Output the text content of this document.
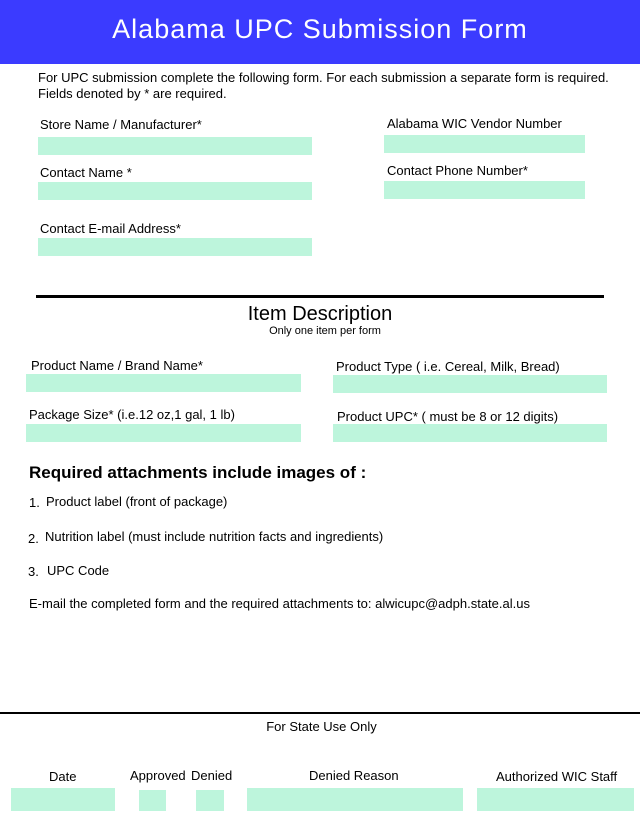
Alabama UPC Submission Form
For UPC submission complete the following form. For each submission a separate form is required.
Fields denoted by * are required.
Store Name / Manufacturer*	Alabama WIC Vendor Number
Contact Name *	Contact Phone Number*
Contact E-mail Address*
Item Description
Only one item per form
Product Name / Brand Name*	Product Type ( i.e. Cereal, Milk, Bread)
Package Size* (i.e.12 oz,1 gal, 1 lb)	Product UPC* ( must be 8 or 12 digits)
Required attachments include images of :
1. Product label (front of package)
2. Nutrition label (must include nutrition facts and ingredients)
3. UPC Code
E-mail the completed form and the required attachments to: alwicupc@adph.state.al.us
For State Use Only
Date	Approved Denied	Denied Reason	Authorized WIC Staff
